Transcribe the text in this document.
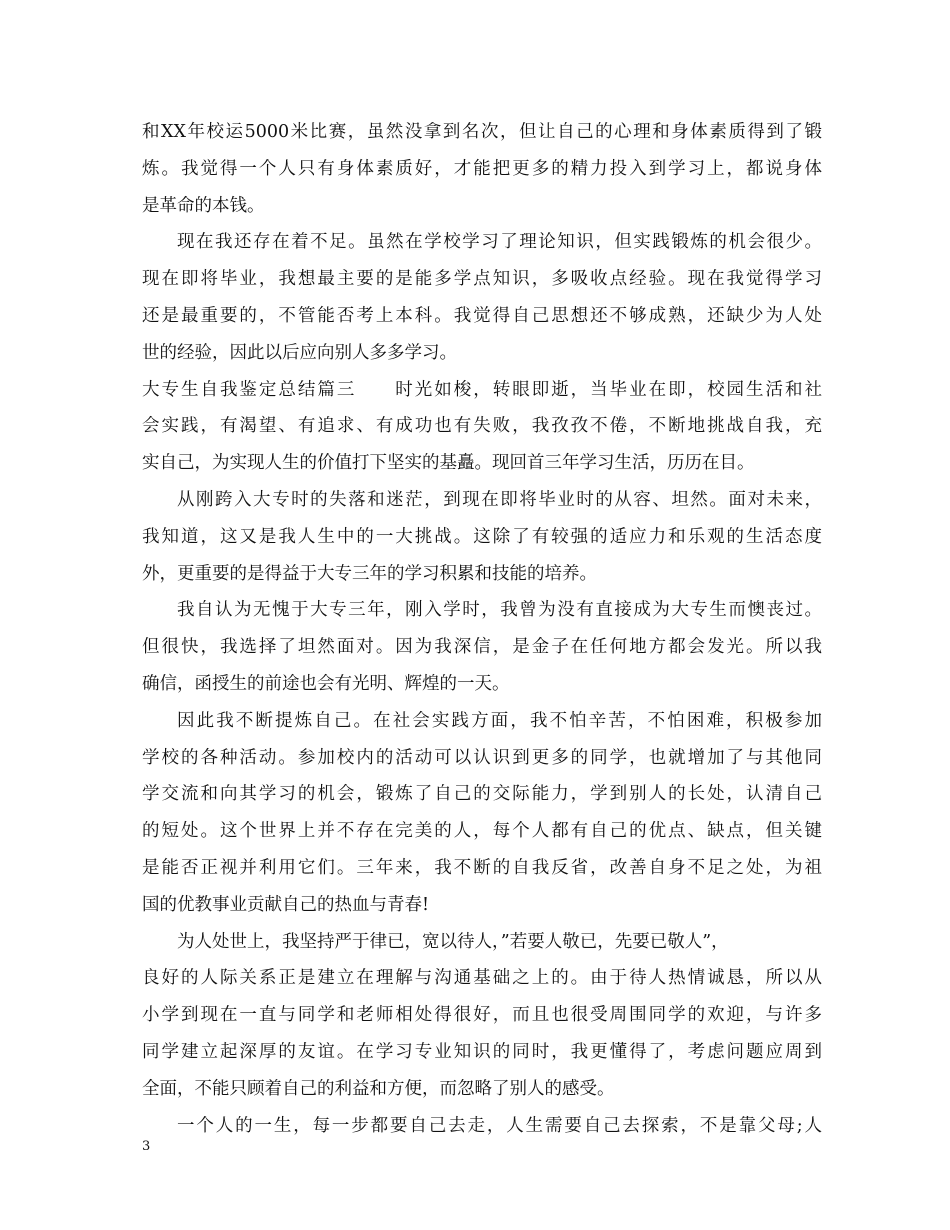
和XX年校运5000米比赛，虽然没拿到名次，但让自己的心理和身体素质得到了锻
炼。我觉得一个人只有身体素质好，才能把更多的精力投入到学习上，都说身体
是革命的本钱。
现在我还存在着不足。虽然在学校学习了理论知识，但实践锻炼的机会很少。
现在即将毕业，我想最主要的是能多学点知识，多吸收点经验。现在我觉得学习
还是最重要的，不管能否考上本科。我觉得自己思想还不够成熟，还缺少为人处
世的经验，因此以后应向别人多多学习。
大专生自我鉴定总结篇三　　时光如梭，转眼即逝，当毕业在即，校园生活和社
会实践，有渴望、有追求、有成功也有失败，我孜孜不倦，不断地挑战自我，充
实自己，为实现人生的价值打下坚实的基矗。现回首三年学习生活，历历在目。
从刚跨入大专时的失落和迷茫，到现在即将毕业时的从容、坦然。面对未来，
我知道，这又是我人生中的一大挑战。这除了有较强的适应力和乐观的生活态度
外，更重要的是得益于大专三年的学习积累和技能的培养。
我自认为无愧于大专三年，刚入学时，我曾为没有直接成为大专生而懊丧过。
但很快，我选择了坦然面对。因为我深信，是金子在任何地方都会发光。所以我
确信，函授生的前途也会有光明、辉煌的一天。
因此我不断提炼自己。在社会实践方面，我不怕辛苦，不怕困难，积极参加
学校的各种活动。参加校内的活动可以认识到更多的同学，也就增加了与其他同
学交流和向其学习的机会，锻炼了自己的交际能力，学到别人的长处，认清自己
的短处。这个世界上并不存在完美的人，每个人都有自己的优点、缺点，但关键
是能否正视并利用它们。三年来，我不断的自我反省，改善自身不足之处，为祖
国的优教事业贡献自己的热血与青春!
为人处世上，我坚持严于律已，宽以待人，”若要人敬已，先要已敬人”，
良好的人际关系正是建立在理解与沟通基础之上的。由于待人热情诚恳，所以从
小学到现在一直与同学和老师相处得很好，而且也很受周围同学的欢迎，与许多
同学建立起深厚的友谊。在学习专业知识的同时，我更懂得了，考虑问题应周到
全面，不能只顾着自己的利益和方便，而忽略了别人的感受。
一个人的一生，每一步都要自己去走，人生需要自己去探索，不是靠父母;人
3
